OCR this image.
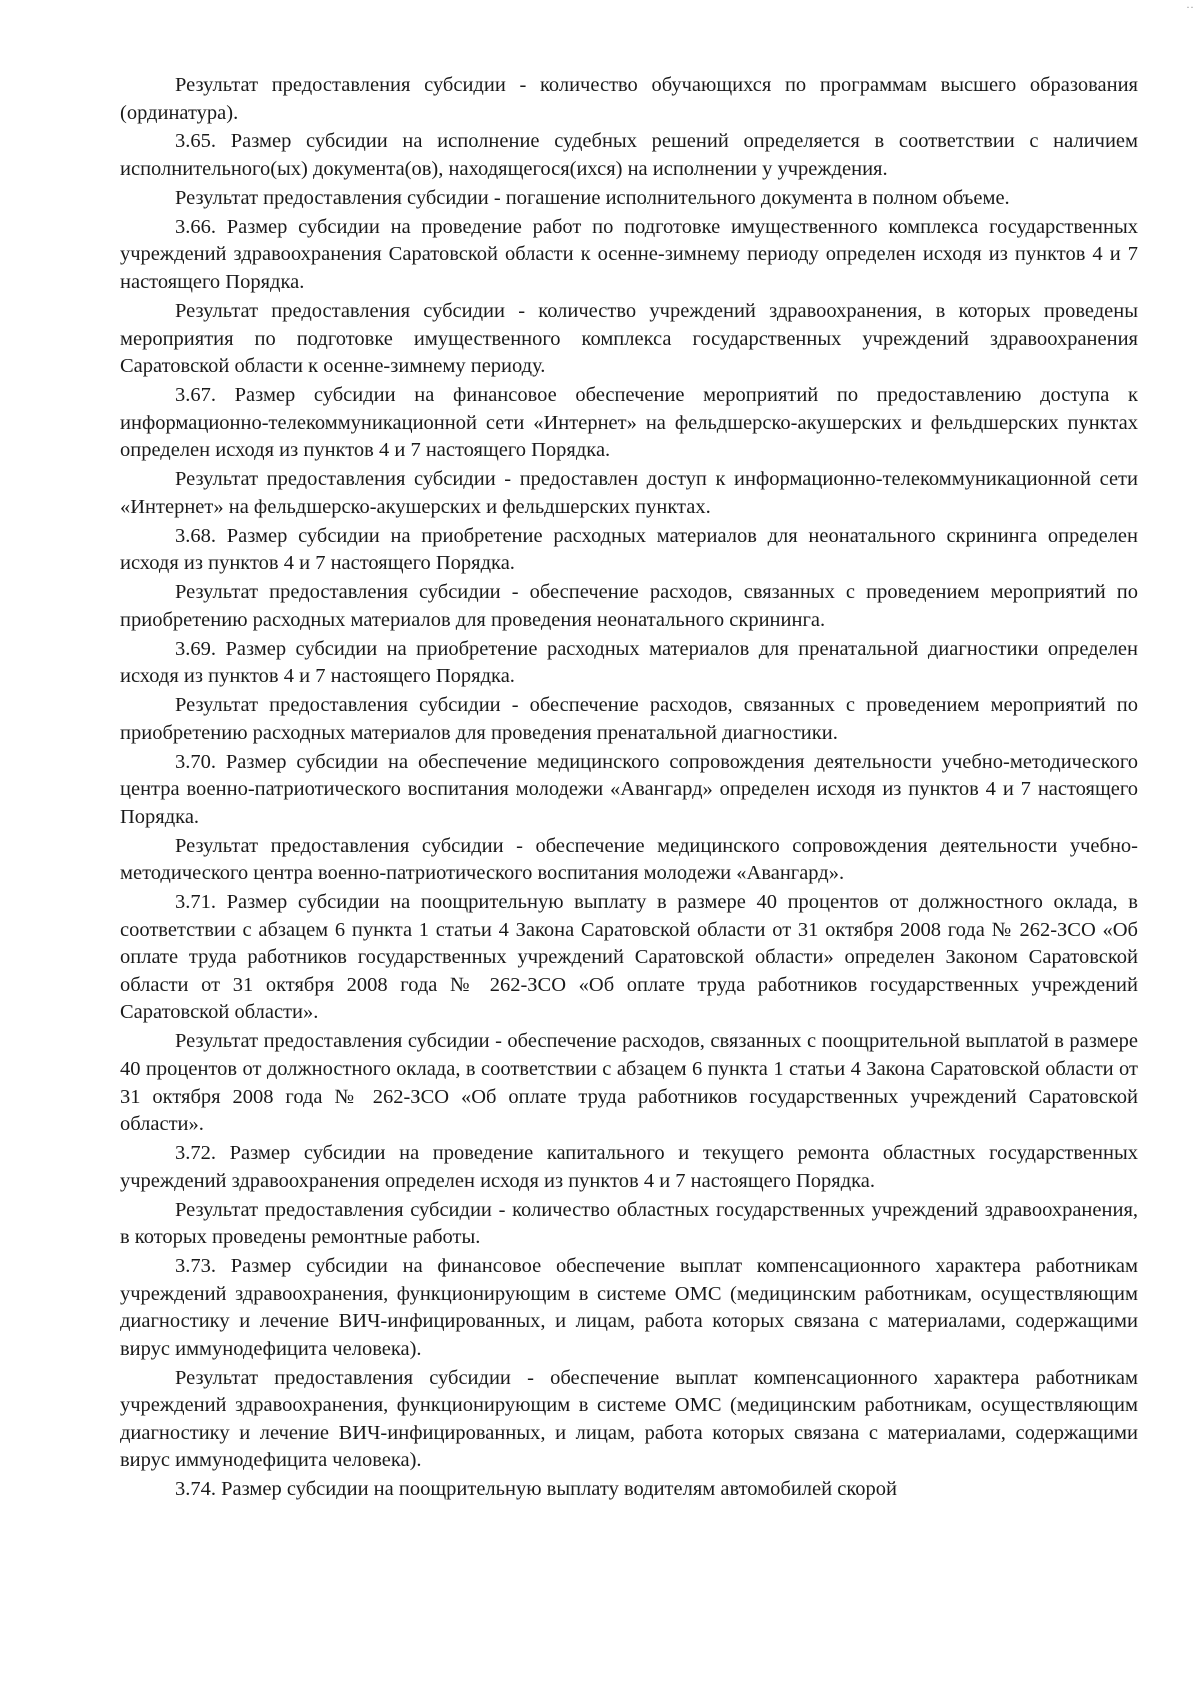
··

Результат предоставления субсидии - количество обучающихся по программам высшего образования (ординатура).

3.65. Размер субсидии на исполнение судебных решений определяется в соответствии с наличием исполнительного(ых) документа(ов), находящегося(ихся) на исполнении у учреждения.

Результат предоставления субсидии - погашение исполнительного документа в полном объеме.

3.66. Размер субсидии на проведение работ по подготовке имущественного комплекса государственных учреждений здравоохранения Саратовской области к осенне-зимнему периоду определен исходя из пунктов 4 и 7 настоящего Порядка.

Результат предоставления субсидии - количество учреждений здравоохранения, в которых проведены мероприятия по подготовке имущественного комплекса государственных учреждений здравоохранения Саратовской области к осенне-зимнему периоду.

3.67. Размер субсидии на финансовое обеспечение мероприятий по предоставлению доступа к информационно-телекоммуникационной сети «Интернет» на фельдшерско-акушерских и фельдшерских пунктах определен исходя из пунктов 4 и 7 настоящего Порядка.

Результат предоставления субсидии - предоставлен доступ к информационно-телекоммуникационной сети «Интернет» на фельдшерско-акушерских и фельдшерских пунктах.

3.68. Размер субсидии на приобретение расходных материалов для неонатального скрининга определен исходя из пунктов 4 и 7 настоящего Порядка.

Результат предоставления субсидии - обеспечение расходов, связанных с проведением мероприятий по приобретению расходных материалов для проведения неонатального скрининга.

3.69. Размер субсидии на приобретение расходных материалов для пренатальной диагностики определен исходя из пунктов 4 и 7 настоящего Порядка.

Результат предоставления субсидии - обеспечение расходов, связанных с проведением мероприятий по приобретению расходных материалов для проведения пренатальной диагностики.

3.70. Размер субсидии на обеспечение медицинского сопровождения деятельности учебно-методического центра военно-патриотического воспитания молодежи «Авангард» определен исходя из пунктов 4 и 7 настоящего Порядка.

Результат предоставления субсидии - обеспечение медицинского сопровождения деятельности учебно-методического центра военно-патриотического воспитания молодежи «Авангард».

3.71. Размер субсидии на поощрительную выплату в размере 40 процентов от должностного оклада, в соответствии с абзацем 6 пункта 1 статьи 4 Закона Саратовской области от 31 октября 2008 года № 262-ЗСО «Об оплате труда работников государственных учреждений Саратовской области» определен Законом Саратовской области от 31 октября 2008 года № 262-ЗСО «Об оплате труда работников государственных учреждений Саратовской области».

Результат предоставления субсидии - обеспечение расходов, связанных с поощрительной выплатой в размере 40 процентов от должностного оклада, в соответствии с абзацем 6 пункта 1 статьи 4 Закона Саратовской области от 31 октября 2008 года № 262-ЗСО «Об оплате труда работников государственных учреждений Саратовской области».

3.72. Размер субсидии на проведение капитального и текущего ремонта областных государственных учреждений здравоохранения определен исходя из пунктов 4 и 7 настоящего Порядка.

Результат предоставления субсидии - количество областных государственных учреждений здравоохранения, в которых проведены ремонтные работы.

3.73. Размер субсидии на финансовое обеспечение выплат компенсационного характера работникам учреждений здравоохранения, функционирующим в системе ОМС (медицинским работникам, осуществляющим диагностику и лечение ВИЧ-инфицированных, и лицам, работа которых связана с материалами, содержащими вирус иммунодефицита человека).

Результат предоставления субсидии - обеспечение выплат компенсационного характера работникам учреждений здравоохранения, функционирующим в системе ОМС (медицинским работникам, осуществляющим диагностику и лечение ВИЧ-инфицированных, и лицам, работа которых связана с материалами, содержащими вирус иммунодефицита человека).

3.74. Размер субсидии на поощрительную выплату водителям автомобилей скорой
